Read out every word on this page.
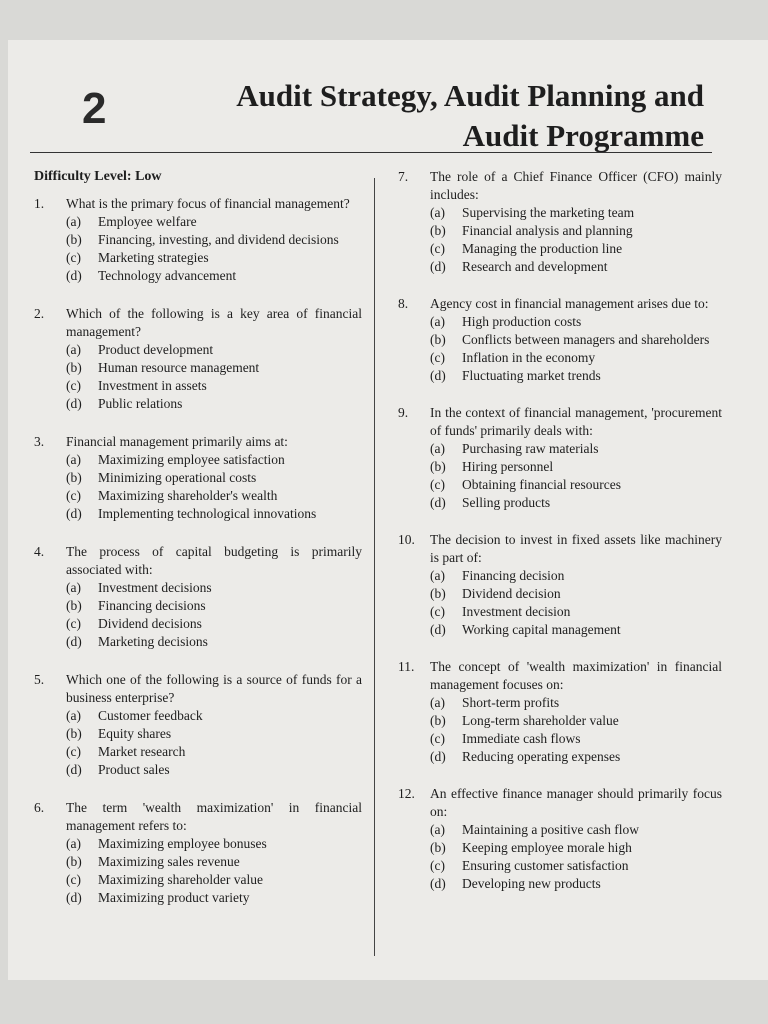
2	Audit Strategy, Audit Planning and
Audit Programme
Difficulty Level: Low
1.	What is the primary focus of financial management?
(a)	Employee welfare
(b)	Financing, investing, and dividend decisions
(c)	Marketing strategies
(d)	Technology advancement
2.	Which of the following is a key area of financial management?
(a)	Product development
(b)	Human resource management
(c)	Investment in assets
(d)	Public relations
3.	Financial management primarily aims at:
(a)	Maximizing employee satisfaction
(b)	Minimizing operational costs
(c)	Maximizing shareholder's wealth
(d)	Implementing technological innovations
4.	The process of capital budgeting is primarily associated with:
(a)	Investment decisions
(b)	Financing decisions
(c)	Dividend decisions
(d)	Marketing decisions
5.	Which one of the following is a source of funds for a business enterprise?
(a)	Customer feedback
(b)	Equity shares
(c)	Market research
(d)	Product sales
6.	The term 'wealth maximization' in financial management refers to:
(a)	Maximizing employee bonuses
(b)	Maximizing sales revenue
(c)	Maximizing shareholder value
(d)	Maximizing product variety
7.	The role of a Chief Finance Officer (CFO) mainly includes:
(a)	Supervising the marketing team
(b)	Financial analysis and planning
(c)	Managing the production line
(d)	Research and development
8.	Agency cost in financial management arises due to:
(a)	High production costs
(b)	Conflicts between managers and shareholders
(c)	Inflation in the economy
(d)	Fluctuating market trends
9.	In the context of financial management, 'procurement of funds' primarily deals with:
(a)	Purchasing raw materials
(b)	Hiring personnel
(c)	Obtaining financial resources
(d)	Selling products
10.	The decision to invest in fixed assets like machinery is part of:
(a)	Financing decision
(b)	Dividend decision
(c)	Investment decision
(d)	Working capital management
11.	The concept of 'wealth maximization' in financial management focuses on:
(a)	Short-term profits
(b)	Long-term shareholder value
(c)	Immediate cash flows
(d)	Reducing operating expenses
12.	An effective finance manager should primarily focus on:
(a)	Maintaining a positive cash flow
(b)	Keeping employee morale high
(c)	Ensuring customer satisfaction
(d)	Developing new products
